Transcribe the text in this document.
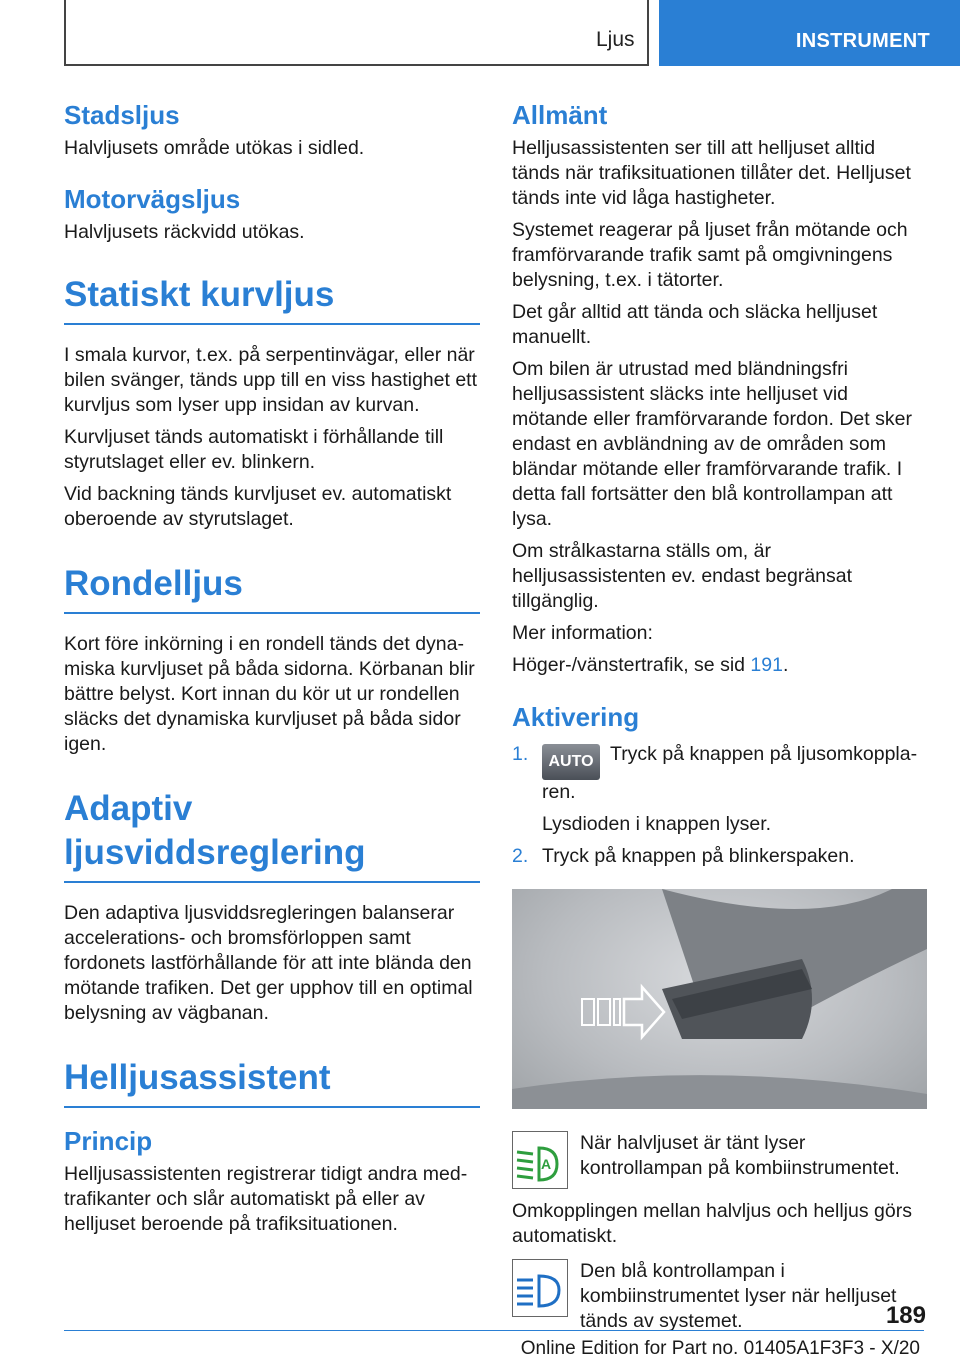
Ljus	INSTRUMENT
Stadsljus

Halvljusets område utökas i sidled.

Motorvägsljus

Halvljusets räckvidd utökas.

Statiskt kurvljus

I smala kurvor, t.ex. på serpentinvägar, eller när bilen svänger, tänds upp till en viss hastighet ett kurvljus som lyser upp insidan av kurvan.

Kurvljuset tänds automatiskt i förhållande till styrutslaget eller ev. blinkern.

Vid backning tänds kurvljuset ev. automatiskt oberoende av styrutslaget.

Rondelljus

Kort före inkörning i en rondell tänds det dynamiska kurvljuset på båda sidorna. Körbanan blir bättre belyst. Kort innan du kör ut ur rondellen släcks det dynamiska kurvljuset på båda sidor igen.

Adaptiv ljusviddsreglering

Den adaptiva ljusviddsregleringen balanserar accelerations- och bromsförloppen samt fordonets lastförhållande för att inte blända den mötande trafiken. Det ger upphov till en optimal belysning av vägbanan.

Helljusassistent
Princip

Helljusassistenten registrerar tidigt andra medtrafikanter och slår automatiskt på eller av helljuset beroende på trafiksituationen.

Allmänt

Helljusassistenten ser till att helljuset alltid tänds när trafiksituationen tillåter det. Helljuset tänds inte vid låga hastigheter.

Systemet reagerar på ljuset från mötande och framförvarande trafik samt på omgivningens belysning, t.ex. i tätorter.

Det går alltid att tända och släcka helljuset manuellt.

Om bilen är utrustad med bländningsfri helljusassistent släcks inte helljuset vid mötande eller framförvarande fordon. Det sker endast en avbländning av de områden som bländar mötande eller framförvarande trafik. I detta fall fortsätter den blå kontrollampan att lysa.

Om strålkastarna ställs om, är helljusassistenten ev. endast begränsat tillgänglig.

Mer information:

Höger-/vänstertrafik, se sid 191.

Aktivering
1. AUTO Tryck på knappen på ljusomkopplaren.
Lysdioden i knappen lyser.
2. Tryck på knappen på blinkerspaken.
A

När halvljuset är tänt lyser kontrollampan på kombiinstrumentet.

Omkopplingen mellan halvljus och helljus görs automatiskt.

Den blå kontrollampan i kombiinstrumentet lyser när helljuset tänds av systemet.	189
Online Edition for Part no. 01405A1F3F3 - X/20
